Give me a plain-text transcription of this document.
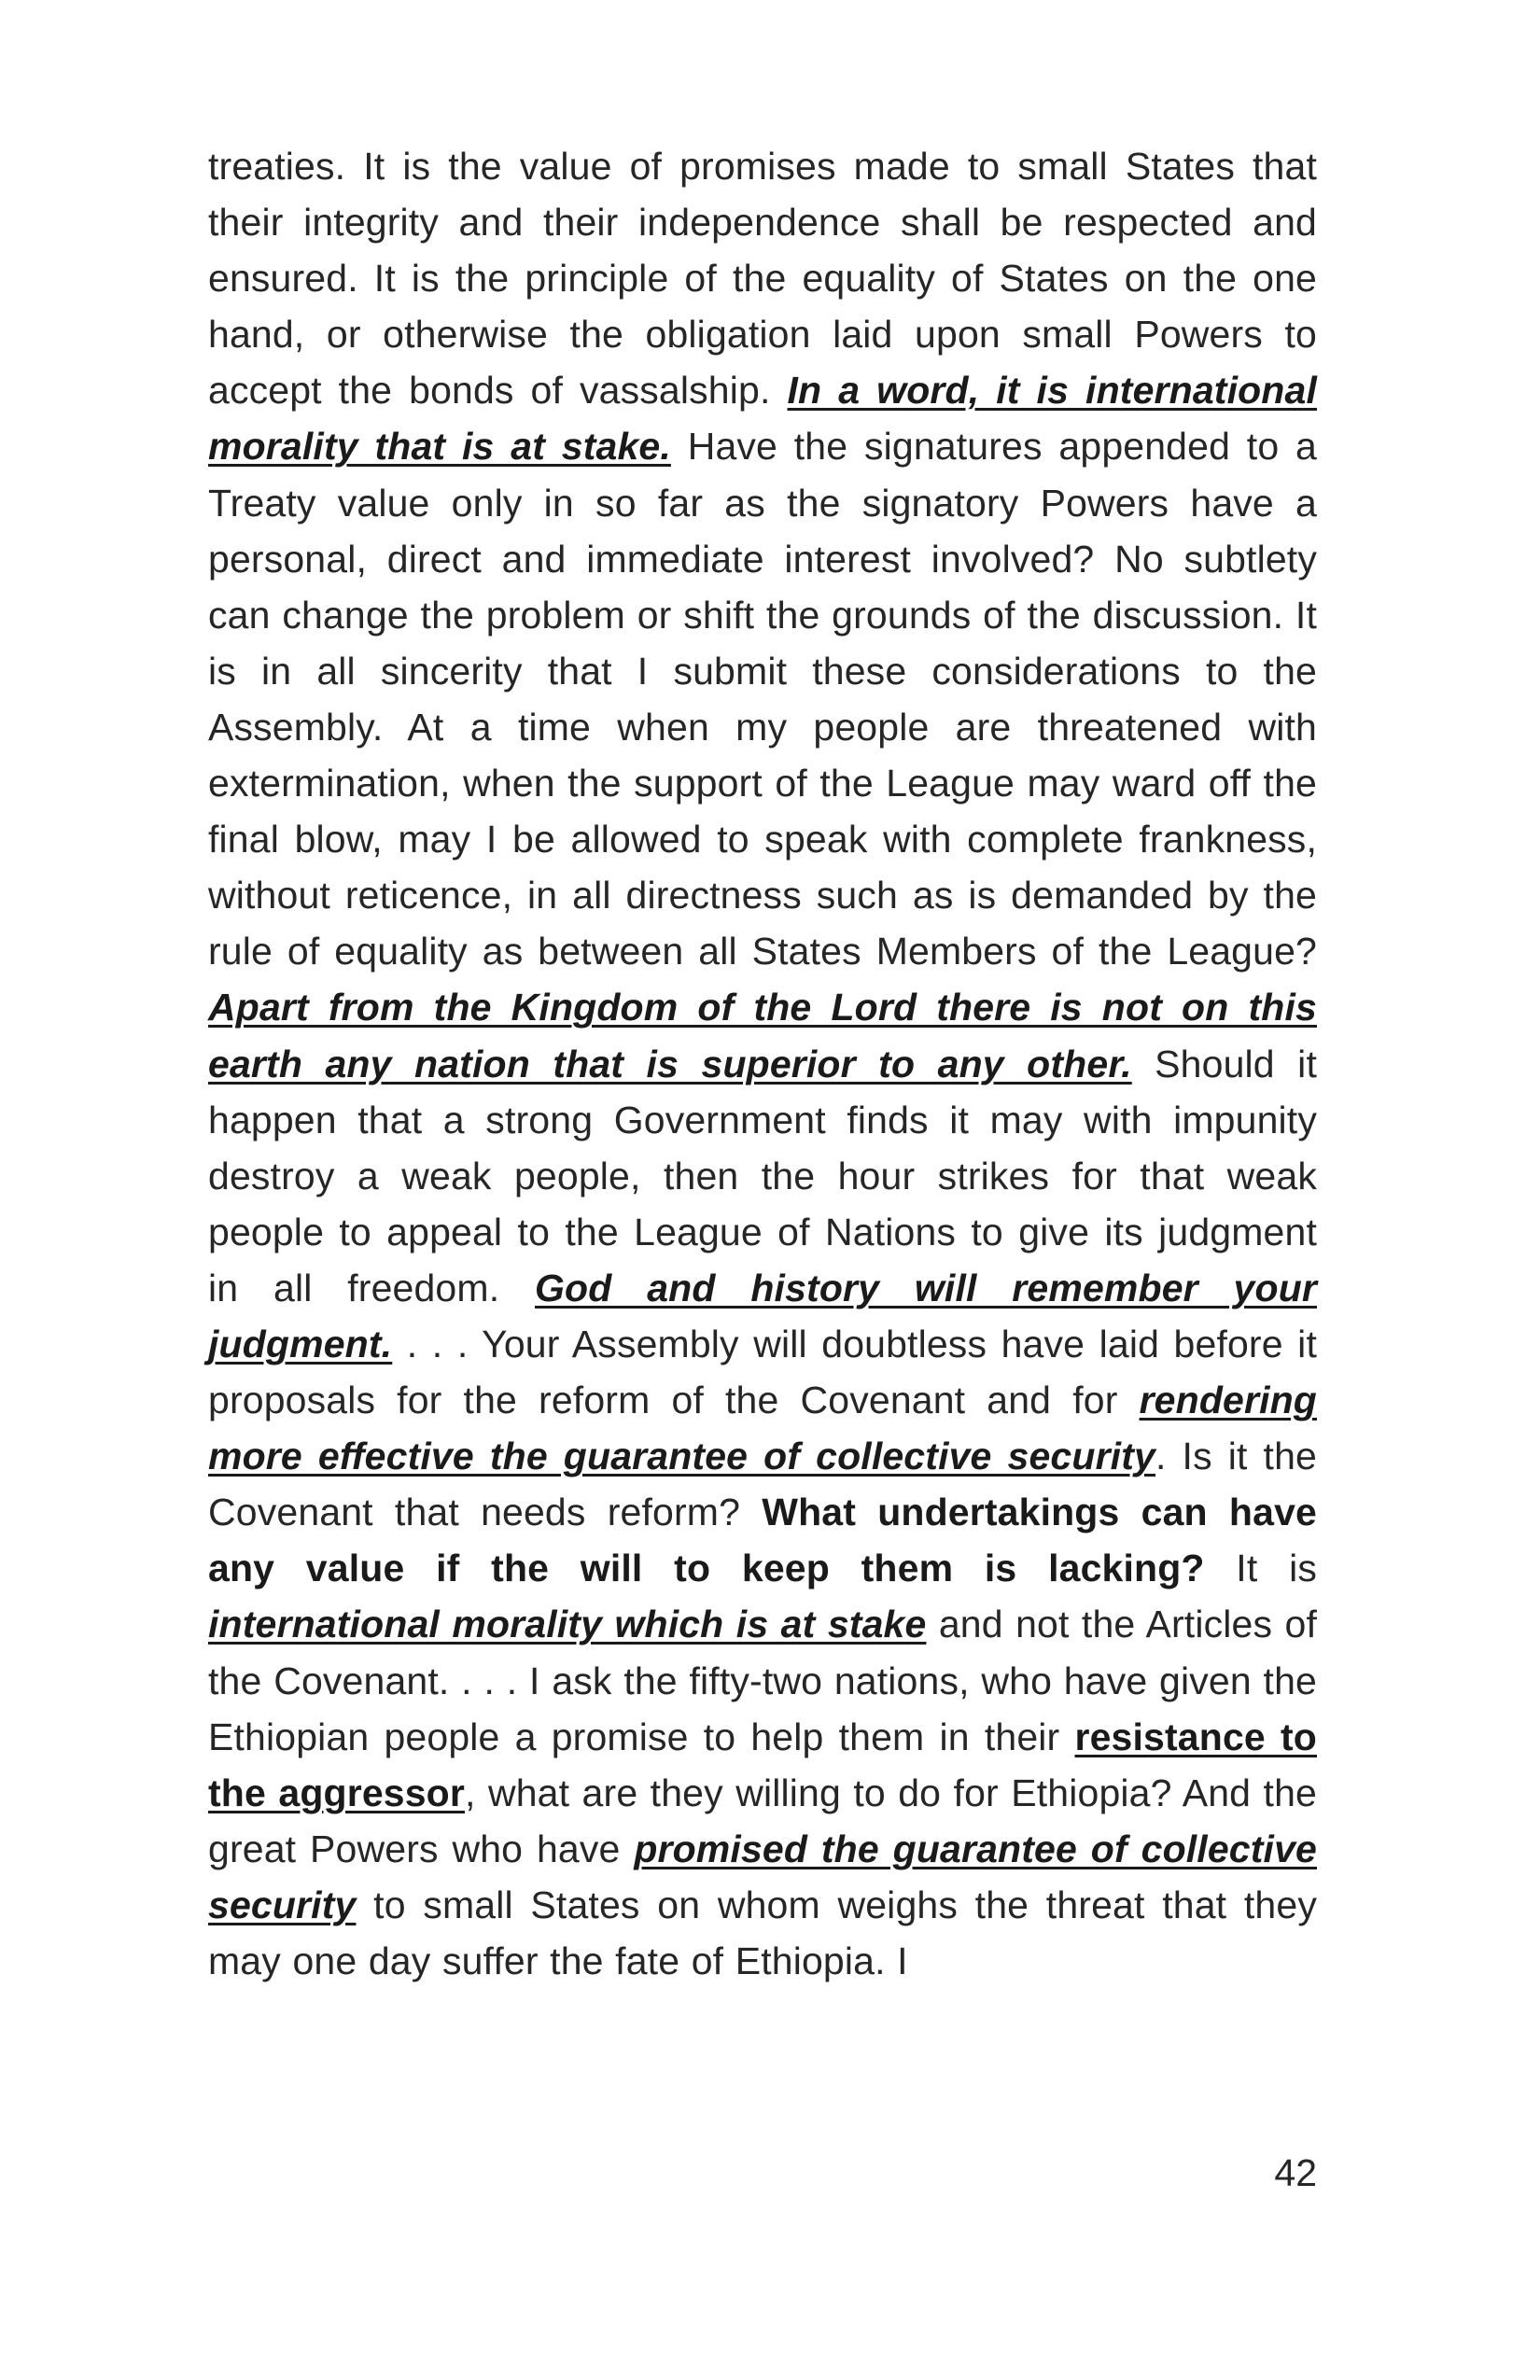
treaties. It is the value of promises made to small States that their integrity and their independence shall be respected and ensured. It is the principle of the equality of States on the one hand, or otherwise the obligation laid upon small Powers to accept the bonds of vassalship. In a word, it is international morality that is at stake. Have the signatures appended to a Treaty value only in so far as the signatory Powers have a personal, direct and immediate interest involved? No subtlety can change the problem or shift the grounds of the discussion. It is in all sincerity that I submit these considerations to the Assembly. At a time when my people are threatened with extermination, when the support of the League may ward off the final blow, may I be allowed to speak with complete frankness, without reticence, in all directness such as is demanded by the rule of equality as between all States Members of the League? Apart from the Kingdom of the Lord there is not on this earth any nation that is superior to any other. Should it happen that a strong Government finds it may with impunity destroy a weak people, then the hour strikes for that weak people to appeal to the League of Nations to give its judgment in all freedom. God and history will remember your judgment. . . . Your Assembly will doubtless have laid before it proposals for the reform of the Covenant and for rendering more effective the guarantee of collective security. Is it the Covenant that needs reform? What undertakings can have any value if the will to keep them is lacking? It is international morality which is at stake and not the Articles of the Covenant. . . . I ask the fifty-two nations, who have given the Ethiopian people a promise to help them in their resistance to the aggressor, what are they willing to do for Ethiopia? And the great Powers who have promised the guarantee of collective security to small States on whom weighs the threat that they may one day suffer the fate of Ethiopia. I

42
